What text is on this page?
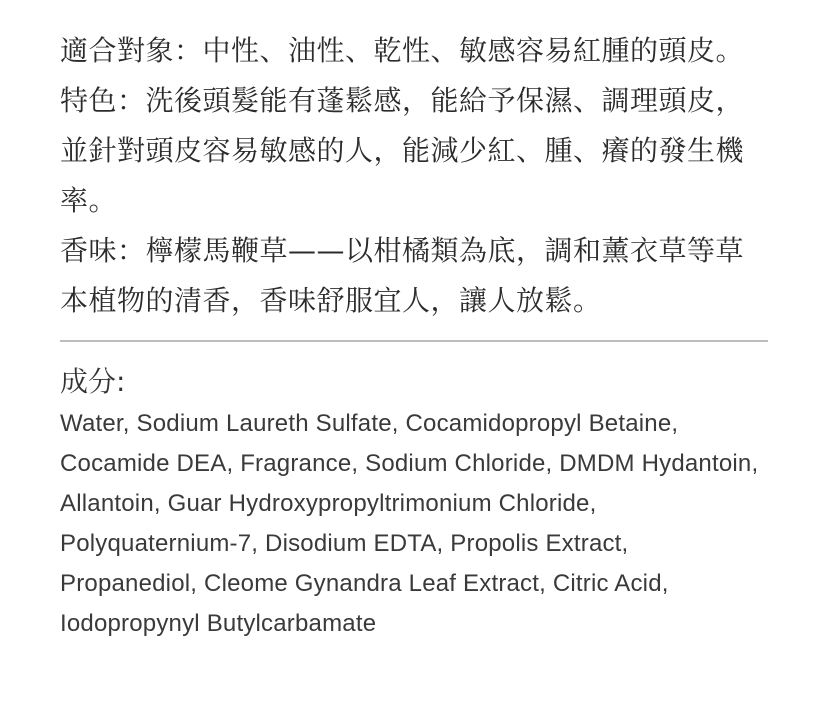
適合對象：中性、油性、乾性、敏感容易紅腫的頭皮。

特色：洗後頭髮能有蓬鬆感，能給予保濕、調理頭皮，並針對頭皮容易敏感的人，能減少紅、腫、癢的發生機率。

香味：檸檬馬鞭草——以柑橘類為底，調和薰衣草等草本植物的清香，香味舒服宜人，讓人放鬆。

成分:
Water, Sodium Laureth Sulfate, Cocamidopropyl Betaine, Cocamide DEA, Fragrance, Sodium Chloride, DMDM Hydantoin, Allantoin, Guar Hydroxypropyltrimonium Chloride, Polyquaternium-7, Disodium EDTA, Propolis Extract, Propanediol, Cleome Gynandra Leaf Extract, Citric Acid, Iodopropynyl Butylcarbamate
